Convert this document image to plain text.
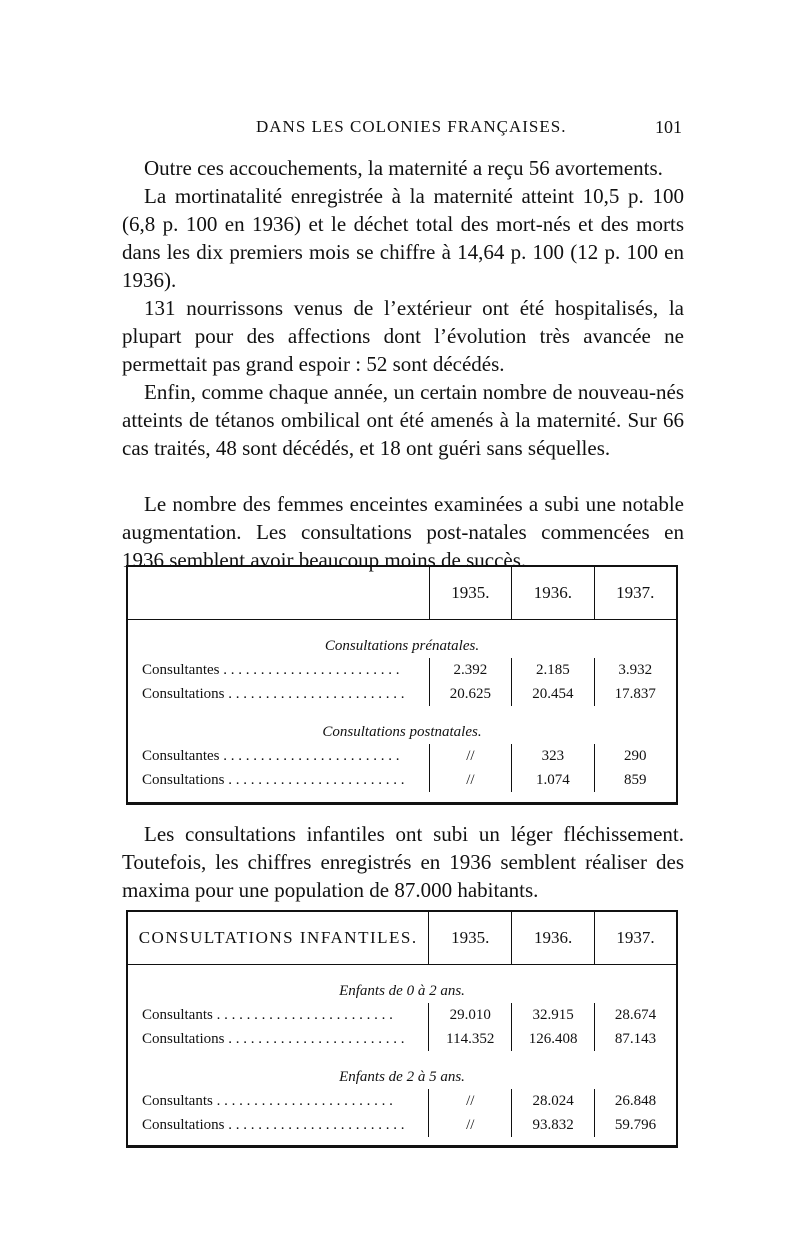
DANS LES COLONIES FRANÇAISES.	101

Outre ces accouchements, la maternité a reçu 56 avortements.

La mortinatalité enregistrée à la maternité atteint 10,5 p. 100 (6,8 p. 100 en 1936) et le déchet total des mort-nés et des morts dans les dix premiers mois se chiffre à 14,64 p. 100 (12 p. 100 en 1936).

131 nourrissons venus de l’extérieur ont été hospitalisés, la plupart pour des affections dont l’évolution très avancée ne permettait pas grand espoir : 52 sont décédés.

Enfin, comme chaque année, un certain nombre de nouveau-nés atteints de tétanos ombilical ont été amenés à la maternité. Sur 66 cas traités, 48 sont décédés, et 18 ont guéri sans séquelles.

Le nombre des femmes enceintes examinées a subi une notable augmentation. Les consultations post-natales commencées en 1936 semblent avoir beaucoup moins de succès.

	1935.	1936.	1937.

Consultations prénatales.			
Consultantes . . .	2.392	2.185	3.932
Consultations . . .	20.625	20.454	17.837

Consultations postnatales.			
Consultantes . . .	//	323	290
Consultations . . .	//	1.074	859

Les consultations infantiles ont subi un léger fléchissement. Toutefois, les chiffres enregistrés en 1936 semblent réaliser des maxima pour une population de 87.000 habitants.

CONSULTATIONS INFANTILES.	1935.	1936.	1937.

Enfants de 0 à 2 ans.			
Consultants . . .	29.010	32.915	28.674
Consultations . . .	114.352	126.408	87.143

Enfants de 2 à 5 ans.			
Consultants . . .	//	28.024	26.848
Consultations . . .	//	93.832	59.796
